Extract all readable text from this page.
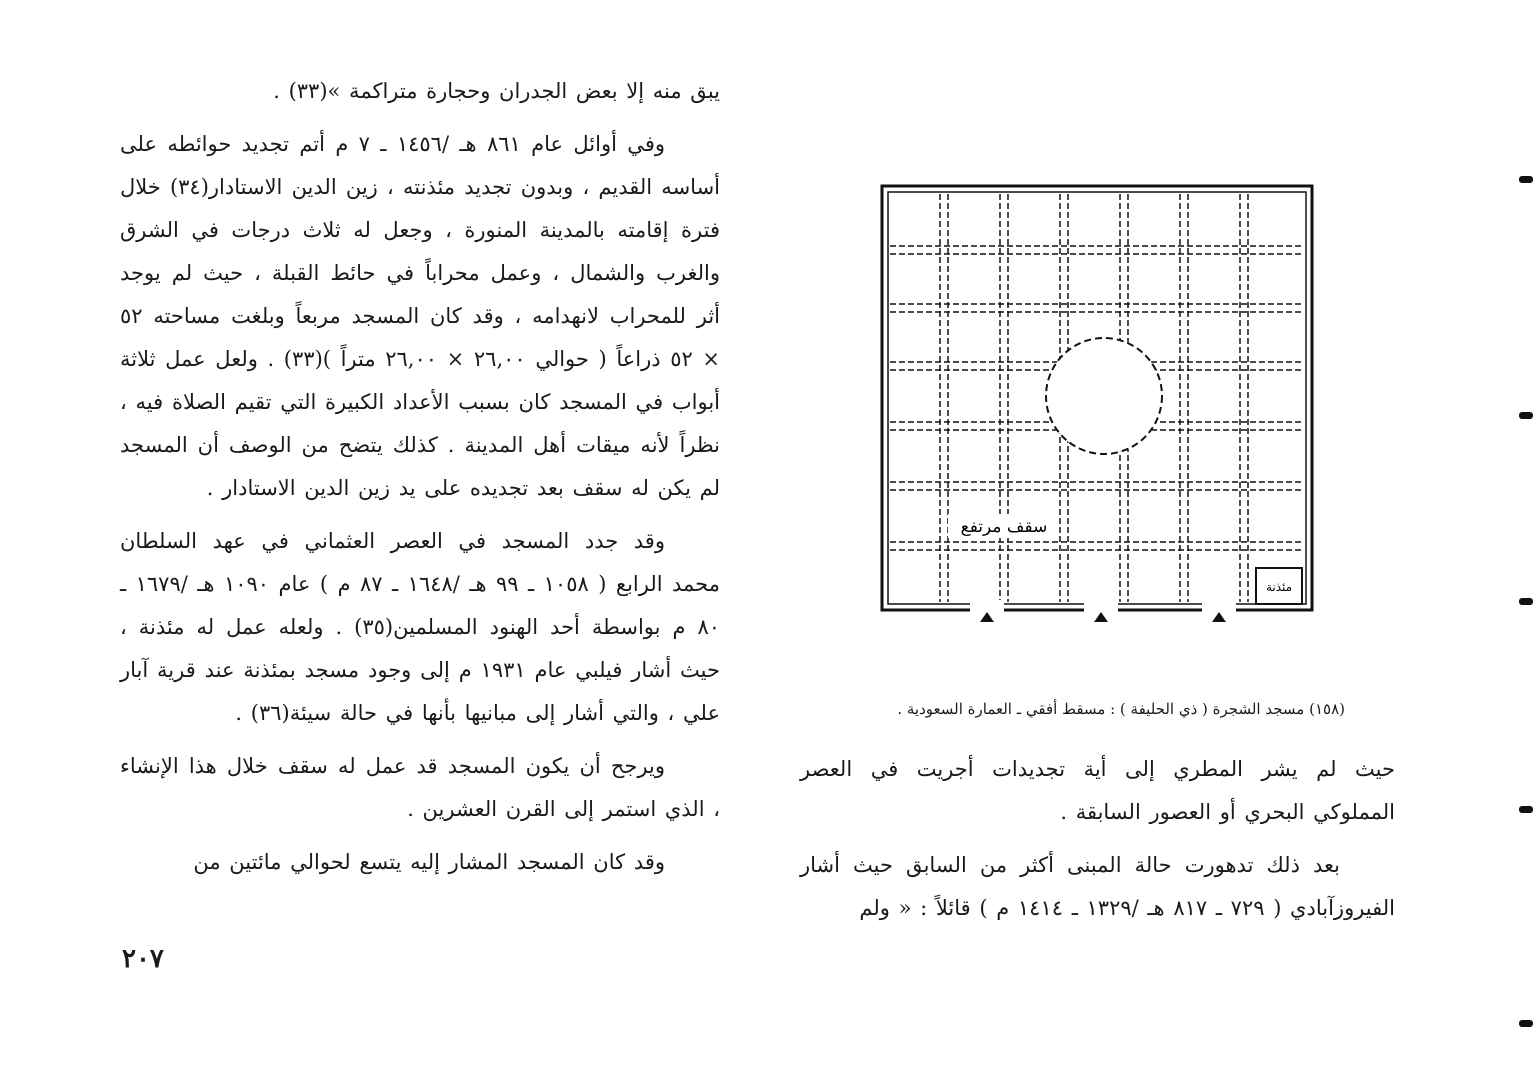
يبق منه إلا بعض الجدران وحجارة متراكمة »(٣٣) .

وفي أوائل عام ٨٦١ هـ /١٤٥٦ ـ ٧ م أتم تجديد حوائطه على أساسه القديم ، وبدون تجديد مئذنته ، زين الدين الاستادار(٣٤) خلال فترة إقامته بالمدينة المنورة ، وجعل له ثلاث درجات في الشرق والغرب والشمال ، وعمل محراباً في حائط القبلة ، حيث لم يوجد أثر للمحراب لانهدامه ، وقد كان المسجد مربعاً وبلغت مساحته ٥٢ × ٥٢ ذراعاً ( حوالي ٢٦,٠٠ × ٢٦,٠٠ متراً )(٣٣) . ولعل عمل ثلاثة أبواب في المسجد كان بسبب الأعداد الكبيرة التي تقيم الصلاة فيه ، نظراً لأنه ميقات أهل المدينة . كذلك يتضح من الوصف أن المسجد لم يكن له سقف بعد تجديده على يد زين الدين الاستادار .

وقد جدد المسجد في العصر العثماني في عهد السلطان محمد الرابع ( ١٠٥٨ ـ ٩٩ هـ /١٦٤٨ ـ ٨٧ م ) عام ١٠٩٠ هـ /١٦٧٩ ـ ٨٠ م بواسطة أحد الهنود المسلمين(٣٥) . ولعله عمل له مئذنة ، حيث أشار فيلبي عام ١٩٣١ م إلى وجود مسجد بمئذنة عند قرية آبار علي ، والتي أشار إلى مبانيها بأنها في حالة سيئة(٣٦) .

ويرجح أن يكون المسجد قد عمل له سقف خلال هذا الإنشاء ، الذي استمر إلى القرن العشرين .

وقد كان المسجد المشار إليه يتسع لحوالي مائتين من

٢٠٧
مئذنة
سقف مرتفع
(١٥٨) مسجد الشجرة ( ذي الحليفة ) : مسقط أفقي ـ العمارة السعودية .

حيث لم يشر المطري إلى أية تجديدات أجريت في العصر المملوكي البحري أو العصور السابقة .

بعد ذلك تدهورت حالة المبنى أكثر من السابق حيث أشار الفيروزآبادي ( ٧٢٩ ـ ٨١٧ هـ /١٣٢٩ ـ ١٤١٤ م ) قائلاً : « ولم
